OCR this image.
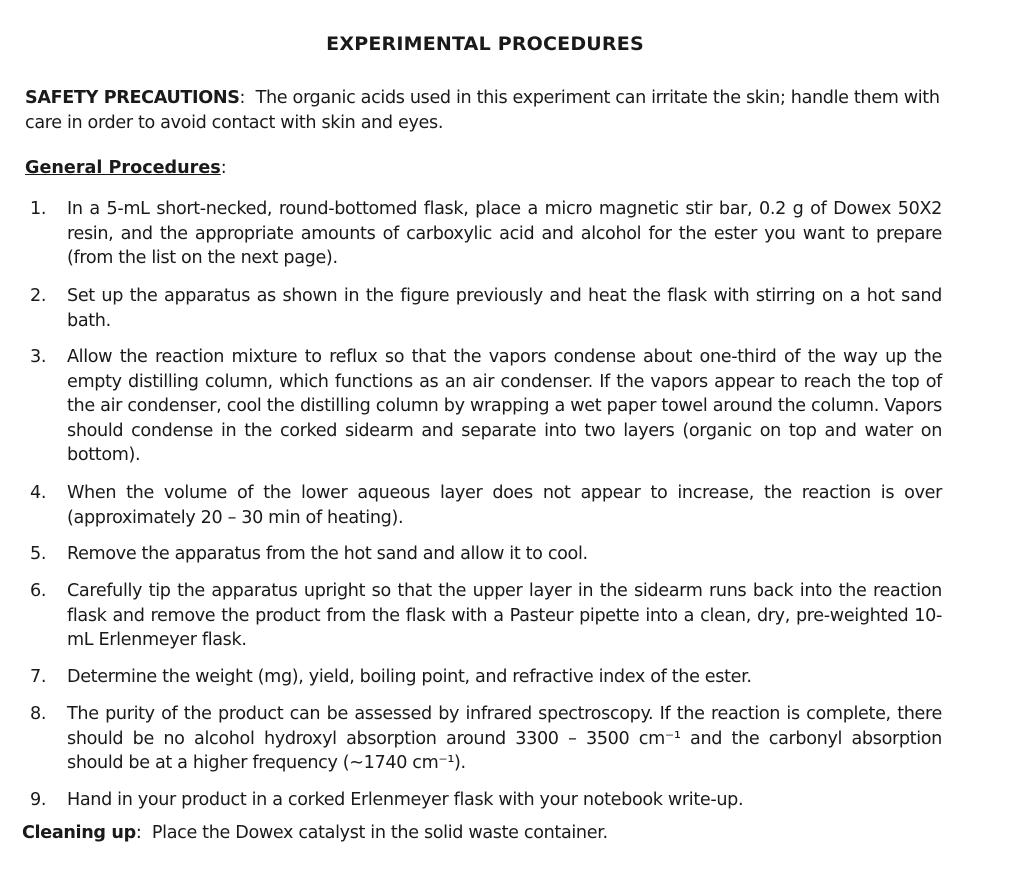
EXPERIMENTAL PROCEDURES
SAFETY PRECAUTIONS: The organic acids used in this experiment can irritate the skin; handle them with care in order to avoid contact with skin and eyes.
General Procedures:
1.	In a 5-mL short-necked, round-bottomed flask, place a micro magnetic stir bar, 0.2 g of Dowex 50X2 resin, and the appropriate amounts of carboxylic acid and alcohol for the ester you want to prepare (from the list on the next page).
2.	Set up the apparatus as shown in the figure previously and heat the flask with stirring on a hot sand bath.
3.	Allow the reaction mixture to reflux so that the vapors condense about one-third of the way up the empty distilling column, which functions as an air condenser. If the vapors appear to reach the top of the air condenser, cool the distilling column by wrapping a wet paper towel around the column. Vapors should condense in the corked sidearm and separate into two layers (organic on top and water on bottom).
4.	When the volume of the lower aqueous layer does not appear to increase, the reaction is over (approximately 20 – 30 min of heating).
5.	Remove the apparatus from the hot sand and allow it to cool.
6.	Carefully tip the apparatus upright so that the upper layer in the sidearm runs back into the reaction flask and remove the product from the flask with a Pasteur pipette into a clean, dry, pre-weighted 10-mL Erlenmeyer flask.
7.	Determine the weight (mg), yield, boiling point, and refractive index of the ester.
8.	The purity of the product can be assessed by infrared spectroscopy. If the reaction is complete, there should be no alcohol hydroxyl absorption around 3300 – 3500 cm⁻¹ and the carbonyl absorption should be at a higher frequency (~1740 cm⁻¹).
9.	Hand in your product in a corked Erlenmeyer flask with your notebook write-up.
Cleaning up: Place the Dowex catalyst in the solid waste container.
